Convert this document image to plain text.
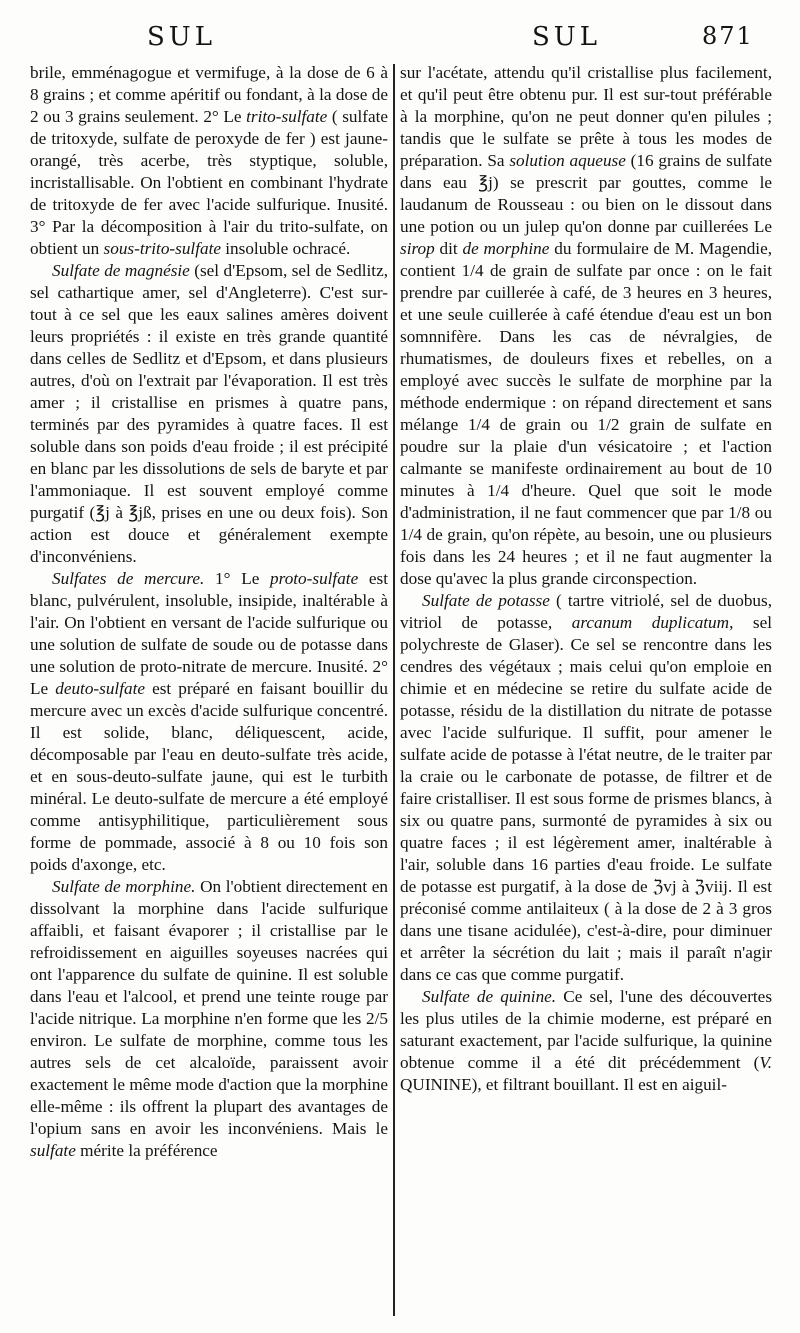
SUL	SUL	871

brile, emménagogue et vermifuge, à la dose de 6 à 8 grains ; et comme apéritif ou fondant, à la dose de 2 ou 3 grains seulement. 2° Le trito-sulfate ( sulfate de tritoxyde, sulfate de peroxyde de fer ) est jaune-orangé, très acerbe, très styptique, soluble, incristallisable. On l'obtient en combinant l'hydrate de tritoxyde de fer avec l'acide sulfurique. Inusité. 3° Par la décomposition à l'air du trito-sulfate, on obtient un sous-trito-sulfate insoluble ochracé.

Sulfate de magnésie (sel d'Epsom, sel de Sedlitz, sel cathartique amer, sel d'Angleterre). C'est sur-tout à ce sel que les eaux salines amères doivent leurs propriétés : il existe en très grande quantité dans celles de Sedlitz et d'Epsom, et dans plusieurs autres, d'où on l'extrait par l'évaporation. Il est très amer ; il cristallise en prismes à quatre pans, terminés par des pyramides à quatre faces. Il est soluble dans son poids d'eau froide ; il est précipité en blanc par les dissolutions de sels de baryte et par l'ammoniaque. Il est souvent employé comme purgatif (℥j à ℥jß, prises en une ou deux fois). Son action est douce et généralement exempte d'inconvéniens.

Sulfates de mercure. 1° Le proto-sulfate est blanc, pulvérulent, insoluble, insipide, inaltérable à l'air. On l'obtient en versant de l'acide sulfurique ou une solution de sulfate de soude ou de potasse dans une solution de proto-nitrate de mercure. Inusité. 2° Le deuto-sulfate est préparé en faisant bouillir du mercure avec un excès d'acide sulfurique concentré. Il est solide, blanc, déliquescent, acide, décomposable par l'eau en deuto-sulfate très acide, et en sous-deuto-sulfate jaune, qui est le turbith minéral. Le deuto-sulfate de mercure a été employé comme antisyphilitique, particulièrement sous forme de pommade, associé à 8 ou 10 fois son poids d'axonge, etc.

Sulfate de morphine. On l'obtient directement en dissolvant la morphine dans l'acide sulfurique affaibli, et faisant évaporer ; il cristallise par le refroidissement en aiguilles soyeuses nacrées qui ont l'apparence du sulfate de quinine. Il est soluble dans l'eau et l'alcool, et prend une teinte rouge par l'acide nitrique. La morphine n'en forme que les 2/5 environ. Le sulfate de morphine, comme tous les autres sels de cet alcaloïde, paraissent avoir exactement le même mode d'action que la morphine elle-même : ils offrent la plupart des avantages de l'opium sans en avoir les inconvéniens. Mais le sulfate mérite la préférence

sur l'acétate, attendu qu'il cristallise plus facilement, et qu'il peut être obtenu pur. Il est sur-tout préférable à la morphine, qu'on ne peut donner qu'en pilules ; tandis que le sulfate se prête à tous les modes de préparation. Sa solution aqueuse (16 grains de sulfate dans eau ℥j) se prescrit par gouttes, comme le laudanum de Rousseau : ou bien on le dissout dans une potion ou un julep qu'on donne par cuillerées Le sirop dit de morphine du formulaire de M. Magendie, contient 1/4 de grain de sulfate par once : on le fait prendre par cuillerée à café, de 3 heures en 3 heures, et une seule cuillerée à café étendue d'eau est un bon somnnifère. Dans les cas de névralgies, de rhumatismes, de douleurs fixes et rebelles, on a employé avec succès le sulfate de morphine par la méthode endermique : on répand directement et sans mélange 1/4 de grain ou 1/2 grain de sulfate en poudre sur la plaie d'un vésicatoire ; et l'action calmante se manifeste ordinairement au bout de 10 minutes à 1/4 d'heure. Quel que soit le mode d'administration, il ne faut commencer que par 1/8 ou 1/4 de grain, qu'on répète, au besoin, une ou plusieurs fois dans les 24 heures ; et il ne faut augmenter la dose qu'avec la plus grande circonspection.

Sulfate de potasse ( tartre vitriolé, sel de duobus, vitriol de potasse, arcanum duplicatum, sel polychreste de Glaser). Ce sel se rencontre dans les cendres des végétaux ; mais celui qu'on emploie en chimie et en médecine se retire du sulfate acide de potasse, résidu de la distillation du nitrate de potasse avec l'acide sulfurique. Il suffit, pour amener le sulfate acide de potasse à l'état neutre, de le traiter par la craie ou le carbonate de potasse, de filtrer et de faire cristalliser. Il est sous forme de prismes blancs, à six ou quatre pans, surmonté de pyramides à six ou quatre faces ; il est légèrement amer, inaltérable à l'air, soluble dans 16 parties d'eau froide. Le sulfate de potasse est purgatif, à la dose de ℨvj à ℨviij. Il est préconisé comme antilaiteux ( à la dose de 2 à 3 gros dans une tisane acidulée), c'est-à-dire, pour diminuer et arrêter la sécrétion du lait ; mais il paraît n'agir dans ce cas que comme purgatif.

Sulfate de quinine. Ce sel, l'une des découvertes les plus utiles de la chimie moderne, est préparé en saturant exactement, par l'acide sulfurique, la quinine obtenue comme il a été dit précédemment (V. QUININE), et filtrant bouillant. Il est en aiguil-
